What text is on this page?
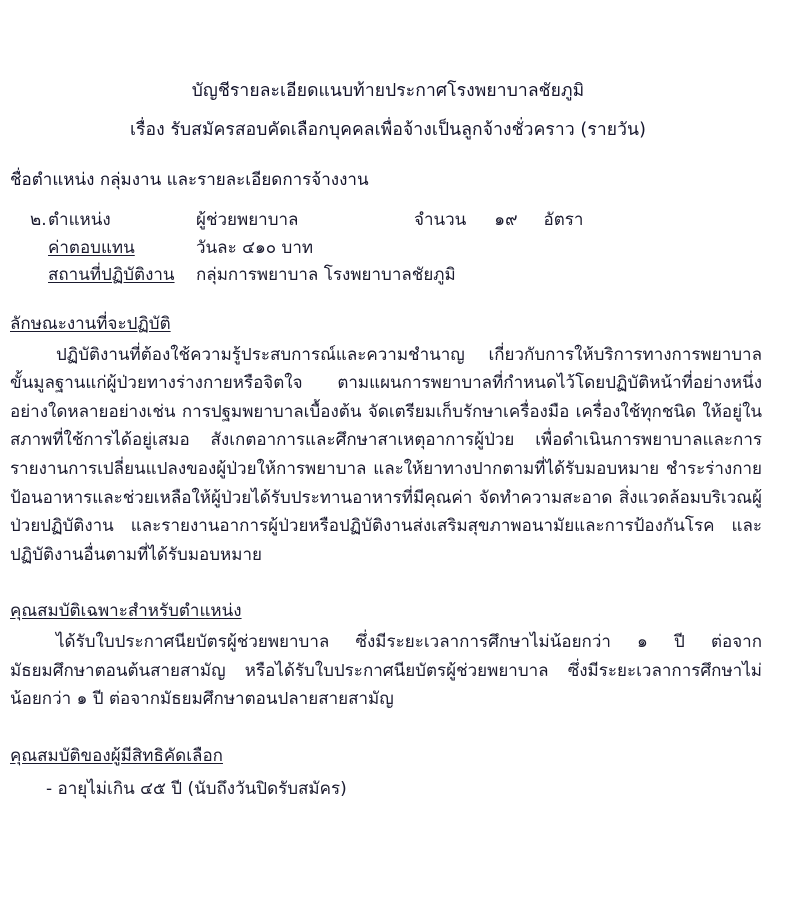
บัญชีรายละเอียดแนบท้ายประกาศโรงพยาบาลชัยภูมิ
เรื่อง รับสมัครสอบคัดเลือกบุคคลเพื่อจ้างเป็นลูกจ้างชั่วคราว (รายวัน)
ชื่อตำแหน่ง กลุ่มงาน และรายละเอียดการจ้างงาน
๒. ตำแหน่ง	ผู้ช่วยพยาบาล	จำนวน ๑๙ อัตรา
ค่าตอบแทน	วันละ ๔๑๐ บาท
สถานที่ปฏิบัติงาน	กลุ่มการพยาบาล โรงพยาบาลชัยภูมิ
ลักษณะงานที่จะปฏิบัติ
ปฏิบัติงานที่ต้องใช้ความรู้ประสบการณ์และความชำนาญ เกี่ยวกับการให้บริการทางการพยาบาลขั้นมูลฐานแก่ผู้ป่วยทางร่างกายหรือจิตใจ ตามแผนการพยาบาลที่กำหนดไว้โดยปฏิบัติหน้าที่อย่างหนึ่งอย่างใดหลายอย่างเช่น การปฐมพยาบาลเบื้องต้น จัดเตรียมเก็บรักษาเครื่องมือ เครื่องใช้ทุกชนิด ให้อยู่ในสภาพที่ใช้การได้อยู่เสมอ สังเกตอาการและศึกษาสาเหตุอาการผู้ป่วย เพื่อดำเนินการพยาบาลและการรายงานการเปลี่ยนแปลงของผู้ป่วยให้การพยาบาล และให้ยาทางปากตามที่ได้รับมอบหมาย ชำระร่างกาย ป้อนอาหารและช่วยเหลือให้ผู้ป่วยได้รับประทานอาหารที่มีคุณค่า จัดทำความสะอาด สิ่งแวดล้อมบริเวณผู้ป่วยปฏิบัติงาน และรายงานอาการผู้ป่วยหรือปฏิบัติงานส่งเสริมสุขภาพอนามัยและการป้องกันโรค และปฏิบัติงานอื่นตามที่ได้รับมอบหมาย
คุณสมบัติเฉพาะสำหรับตำแหน่ง
ได้รับใบประกาศนียบัตรผู้ช่วยพยาบาล ซึ่งมีระยะเวลาการศึกษาไม่น้อยกว่า ๑ ปี ต่อจากมัธยมศึกษาตอนต้นสายสามัญ หรือได้รับใบประกาศนียบัตรผู้ช่วยพยาบาล ซึ่งมีระยะเวลาการศึกษาไม่น้อยกว่า ๑ ปี ต่อจากมัธยมศึกษาตอนปลายสายสามัญ
คุณสมบัติของผู้มีสิทธิคัดเลือก
- อายุไม่เกิน ๔๕ ปี (นับถึงวันปิดรับสมัคร)
